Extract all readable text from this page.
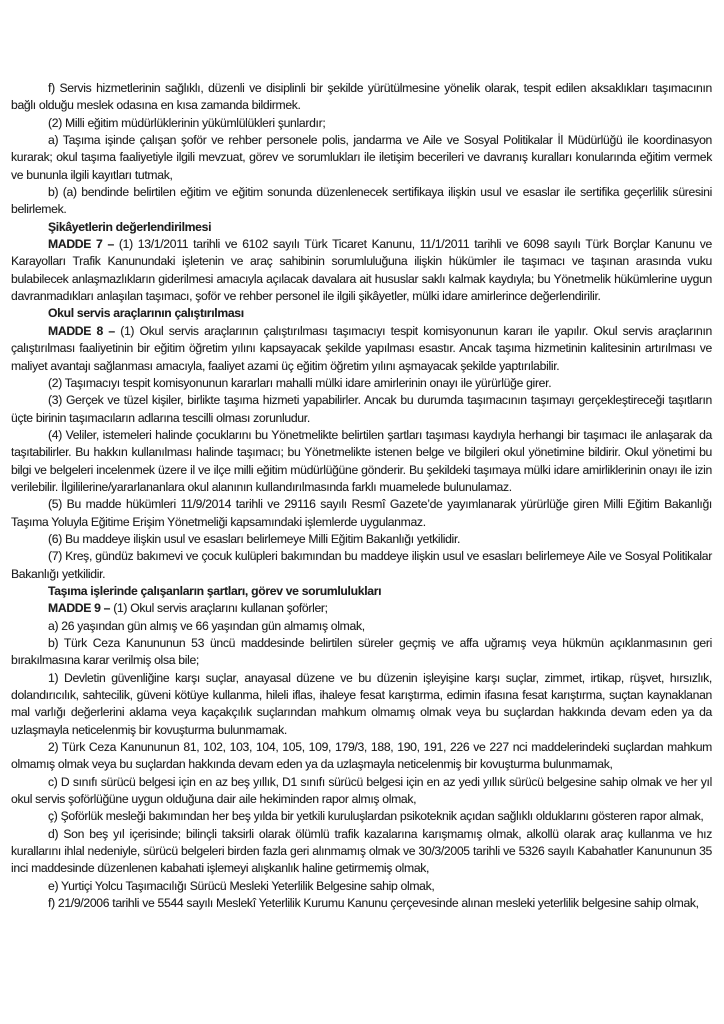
f) Servis hizmetlerinin sağlıklı, düzenli ve disiplinli bir şekilde yürütülmesine yönelik olarak, tespit edilen aksaklıkları taşımacının bağlı olduğu meslek odasına en kısa zamanda bildirmek.

(2) Milli eğitim müdürlüklerinin yükümlülükleri şunlardır;

a) Taşıma işinde çalışan şoför ve rehber personele polis, jandarma ve Aile ve Sosyal Politikalar İl Müdürlüğü ile koordinasyon kurarak; okul taşıma faaliyetiyle ilgili mevzuat, görev ve sorumlukları ile iletişim becerileri ve davranış kuralları konularında eğitim vermek ve bununla ilgili kayıtları tutmak,

b) (a) bendinde belirtilen eğitim ve eğitim sonunda düzenlenecek sertifikaya ilişkin usul ve esaslar ile sertifika geçerlilik süresini belirlemek.

Şikâyetlerin değerlendirilmesi

MADDE 7 – (1) 13/1/2011 tarihli ve 6102 sayılı Türk Ticaret Kanunu, 11/1/2011 tarihli ve 6098 sayılı Türk Borçlar Kanunu ve Karayolları Trafik Kanunundaki işletenin ve araç sahibinin sorumluluğuna ilişkin hükümler ile taşımacı ve taşınan arasında vuku bulabilecek anlaşmazlıkların giderilmesi amacıyla açılacak davalara ait hususlar saklı kalmak kaydıyla; bu Yönetmelik hükümlerine uygun davranmadıkları anlaşılan taşımacı, şoför ve rehber personel ile ilgili şikâyetler, mülki idare amirlerince değerlendirilir.

Okul servis araçlarının çalıştırılması

MADDE 8 – (1) Okul servis araçlarının çalıştırılması taşımacıyı tespit komisyonunun kararı ile yapılır. Okul servis araçlarının çalıştırılması faaliyetinin bir eğitim öğretim yılını kapsayacak şekilde yapılması esastır. Ancak taşıma hizmetinin kalitesinin artırılması ve maliyet avantajı sağlanması amacıyla, faaliyet azami üç eğitim öğretim yılını aşmayacak şekilde yaptırılabilir.

(2) Taşımacıyı tespit komisyonunun kararları mahalli mülki idare amirlerinin onayı ile yürürlüğe girer.

(3) Gerçek ve tüzel kişiler, birlikte taşıma hizmeti yapabilirler. Ancak bu durumda taşımacının taşımayı gerçekleştireceği taşıtların üçte birinin taşımacıların adlarına tescilli olması zorunludur.

(4) Veliler, istemeleri halinde çocuklarını bu Yönetmelikte belirtilen şartları taşıması kaydıyla herhangi bir taşımacı ile anlaşarak da taşıtabilirler. Bu hakkın kullanılması halinde taşımacı; bu Yönetmelikte istenen belge ve bilgileri okul yönetimine bildirir. Okul yönetimi bu bilgi ve belgeleri incelenmek üzere il ve ilçe milli eğitim müdürlüğüne gönderir. Bu şekildeki taşımaya mülki idare amirliklerinin onayı ile izin verilebilir. İlgililerine/yararlananlara okul alanının kullandırılmasında farklı muamelede bulunulamaz.

(5) Bu madde hükümleri 11/9/2014 tarihli ve 29116 sayılı Resmî Gazete’de yayımlanarak yürürlüğe giren Milli Eğitim Bakanlığı Taşıma Yoluyla Eğitime Erişim Yönetmeliği kapsamındaki işlemlerde uygulanmaz.

(6) Bu maddeye ilişkin usul ve esasları belirlemeye Milli Eğitim Bakanlığı yetkilidir.

(7) Kreş, gündüz bakımevi ve çocuk kulüpleri bakımından bu maddeye ilişkin usul ve esasları belirlemeye Aile ve Sosyal Politikalar Bakanlığı yetkilidir.

Taşıma işlerinde çalışanların şartları, görev ve sorumlulukları

MADDE 9 – (1) Okul servis araçlarını kullanan şoförler;

a) 26 yaşından gün almış ve 66 yaşından gün almamış olmak,

b) Türk Ceza Kanununun 53 üncü maddesinde belirtilen süreler geçmiş ve affa uğramış veya hükmün açıklanmasının geri bırakılmasına karar verilmiş olsa bile;

1) Devletin güvenliğine karşı suçlar, anayasal düzene ve bu düzenin işleyişine karşı suçlar, zimmet, irtikap, rüşvet, hırsızlık, dolandırıcılık, sahtecilik, güveni kötüye kullanma, hileli iflas, ihaleye fesat karıştırma, edimin ifasına fesat karıştırma, suçtan kaynaklanan mal varlığı değerlerini aklama veya kaçakçılık suçlarından mahkum olmamış olmak veya bu suçlardan hakkında devam eden ya da uzlaşmayla neticelenmiş bir kovuşturma bulunmamak.

2) Türk Ceza Kanununun 81, 102, 103, 104, 105, 109, 179/3, 188, 190, 191, 226 ve 227 nci maddelerindeki suçlardan mahkum olmamış olmak veya bu suçlardan hakkında devam eden ya da uzlaşmayla neticelenmiş bir kovuşturma bulunmamak,

c) D sınıfı sürücü belgesi için en az beş yıllık, D1 sınıfı sürücü belgesi için en az yedi yıllık sürücü belgesine sahip olmak ve her yıl okul servis şoförlüğüne uygun olduğuna dair aile hekiminden rapor almış olmak,

ç) Şoförlük mesleği bakımından her beş yılda bir yetkili kuruluşlardan psikoteknik açıdan sağlıklı olduklarını gösteren rapor almak,

d) Son beş yıl içerisinde; bilinçli taksirli olarak ölümlü trafik kazalarına karışmamış olmak, alkollü olarak araç kullanma ve hız kurallarını ihlal nedeniyle, sürücü belgeleri birden fazla geri alınmamış olmak ve 30/3/2005 tarihli ve 5326 sayılı Kabahatler Kanununun 35 inci maddesinde düzenlenen kabahati işlemeyi alışkanlık haline getirmemiş olmak,

e) Yurtiçi Yolcu Taşımacılığı Sürücü Mesleki Yeterlilik Belgesine sahip olmak,

f) 21/9/2006 tarihli ve 5544 sayılı Meslekî Yeterlilik Kurumu Kanunu çerçevesinde alınan mesleki yeterlilik belgesine sahip olmak,
